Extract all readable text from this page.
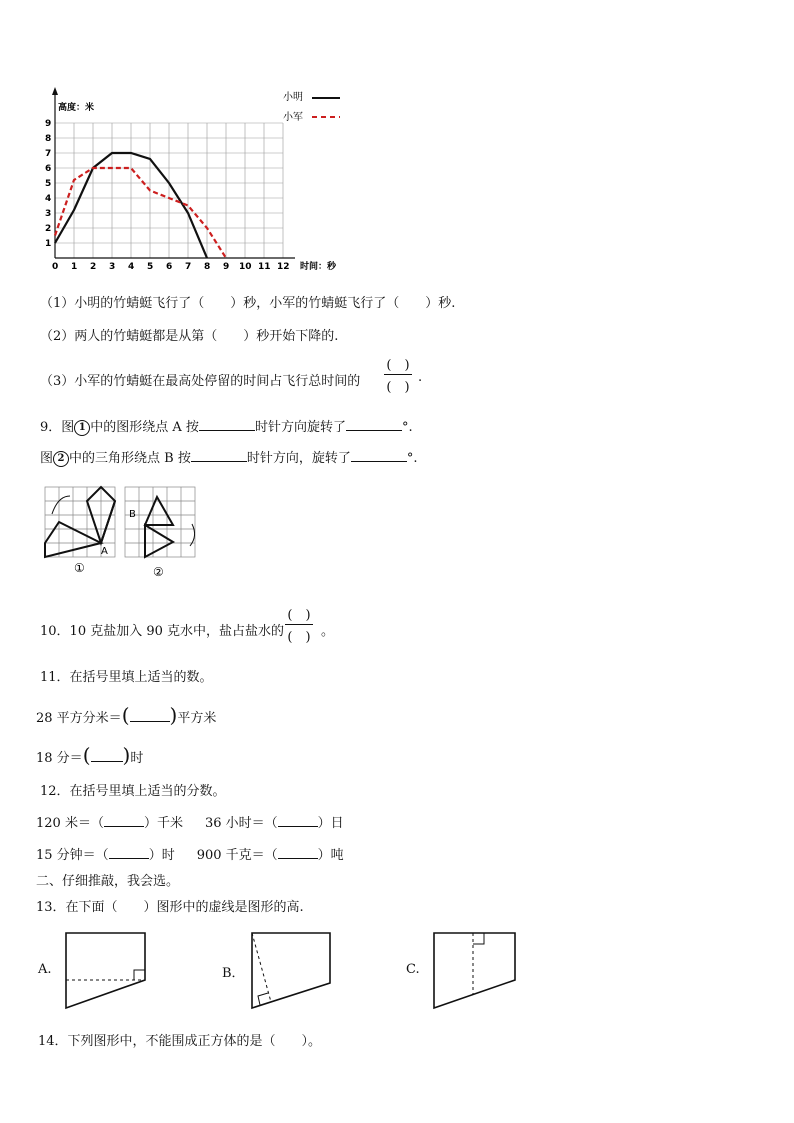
0 1 2 3 4 5 6 7 8 9 10 11 12
1
2
3
4
5
6
7
8
9
高度：米
时间：秒
小明
小军
（1）小明的竹蜻蜓飞行了（　　）秒，小军的竹蜻蜓飞行了（　　）秒.
（2）两人的竹蜻蜓都是从第（　　）秒开始下降的.
（3）小军的竹蜻蜓在最高处停留的时间占飞行总时间的
(　)
(　)
.
9．图 1 中的图形绕点 A 按	时针方向旋转了	°.
图 2 中的三角形绕点 B 按	时针方向，旋转了	°.
A
①
B
②
10．10 克盐加入 90 克水中，盐占盐水的
(　)
(　) 。
11．在括号里填上适当的数。
28 平方分米＝( )平方米
18 分＝( )时
12．在括号里填上适当的分数。
120 米＝（	）千米 36 小时＝（	）日
15 分钟＝（	）时 900 千克＝（	）吨
二、仔细推敲，我会选。
13．在下面（　　）图形中的虚线是图形的高.
A.	B．	C.
14．下列图形中，不能围成正方体的是（　　）。
